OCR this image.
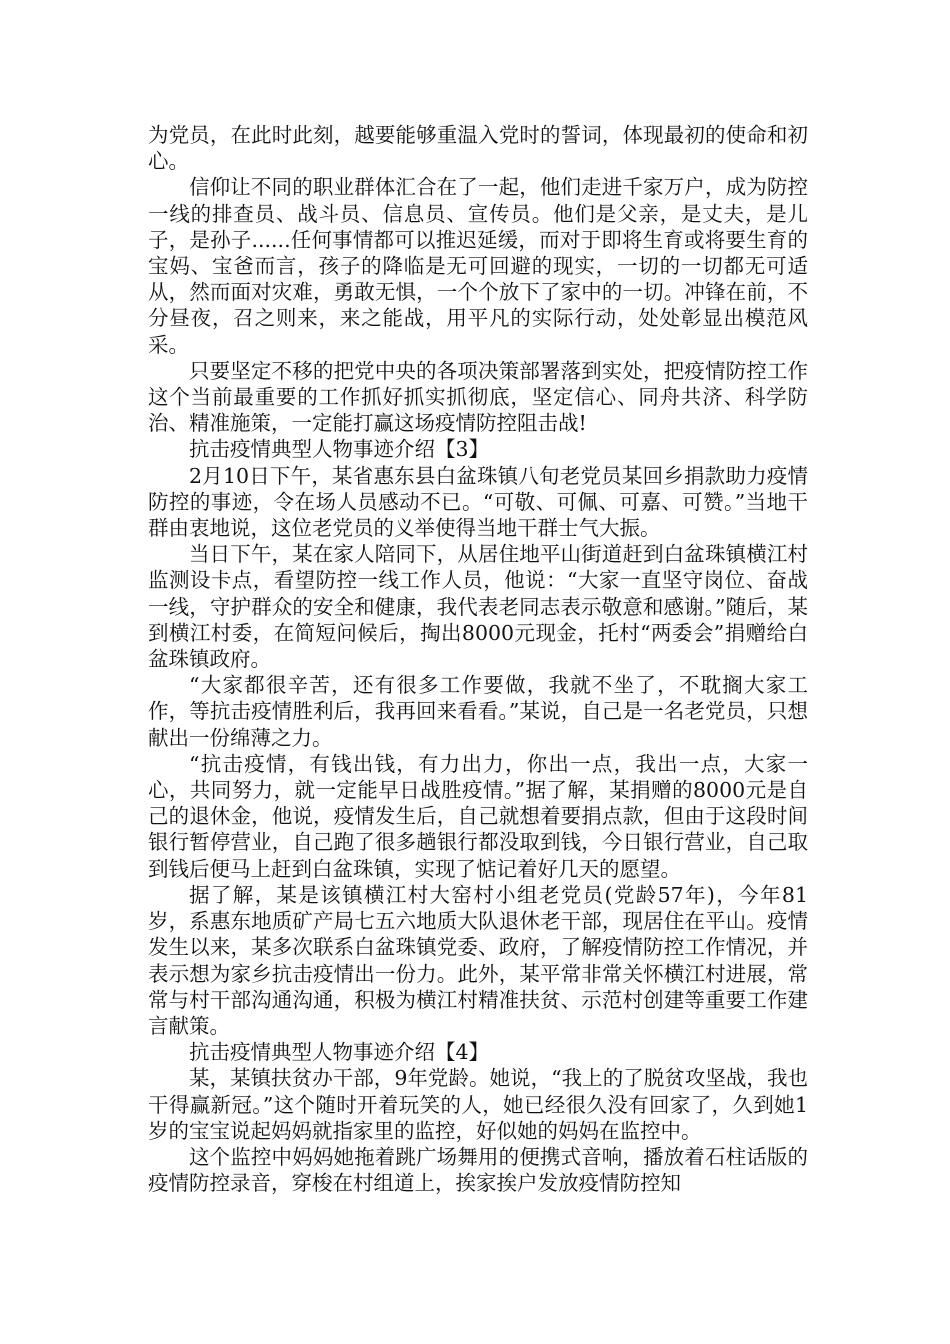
为党员，在此时此刻，越要能够重温入党时的誓词，体现最初的使命和初心。

信仰让不同的职业群体汇合在了一起，他们走进千家万户，成为防控一线的排查员、战斗员、信息员、宣传员。他们是父亲，是丈夫，是儿子，是孙子......任何事情都可以推迟延缓，而对于即将生育或将要生育的宝妈、宝爸而言，孩子的降临是无可回避的现实，一切的一切都无可适从，然而面对灾难，勇敢无惧，一个个放下了家中的一切。冲锋在前，不分昼夜，召之则来，来之能战，用平凡的实际行动，处处彰显出模范风采。

只要坚定不移的把党中央的各项决策部署落到实处，把疫情防控工作这个当前最重要的工作抓好抓实抓彻底，坚定信心、同舟共济、科学防治、精准施策，一定能打赢这场疫情防控阻击战!

抗击疫情典型人物事迹介绍【3】

2月10日下午，某省惠东县白盆珠镇八旬老党员某回乡捐款助力疫情防控的事迹，令在场人员感动不已。“可敬、可佩、可嘉、可赞。”当地干群由衷地说，这位老党员的义举使得当地干群士气大振。

当日下午，某在家人陪同下，从居住地平山街道赶到白盆珠镇横江村监测设卡点，看望防控一线工作人员，他说：“大家一直坚守岗位、奋战一线，守护群众的安全和健康，我代表老同志表示敬意和感谢。”随后，某到横江村委，在简短问候后，掏出8000元现金，托村“两委会”捐赠给白盆珠镇政府。

“大家都很辛苦，还有很多工作要做，我就不坐了，不耽搁大家工作，等抗击疫情胜利后，我再回来看看。”某说，自己是一名老党员，只想献出一份绵薄之力。

“抗击疫情，有钱出钱，有力出力，你出一点，我出一点，大家一心，共同努力，就一定能早日战胜疫情。”据了解，某捐赠的8000元是自己的退休金，他说，疫情发生后，自己就想着要捐点款，但由于这段时间银行暂停营业，自己跑了很多趟银行都没取到钱，今日银行营业，自己取到钱后便马上赶到白盆珠镇，实现了惦记着好几天的愿望。

据了解，某是该镇横江村大窑村小组老党员(党龄57年)，今年81岁，系惠东地质矿产局七五六地质大队退休老干部，现居住在平山。疫情发生以来，某多次联系白盆珠镇党委、政府，了解疫情防控工作情况，并表示想为家乡抗击疫情出一份力。此外，某平常非常关怀横江村进展，常常与村干部沟通沟通，积极为横江村精准扶贫、示范村创建等重要工作建言献策。

抗击疫情典型人物事迹介绍【4】

某，某镇扶贫办干部，9年党龄。她说，“我上的了脱贫攻坚战，我也干得赢新冠。”这个随时开着玩笑的人，她已经很久没有回家了，久到她1岁的宝宝说起妈妈就指家里的监控，好似她的妈妈在监控中。

这个监控中妈妈她拖着跳广场舞用的便携式音响，播放着石柱话版的疫情防控录音，穿梭在村组道上，挨家挨户发放疫情防控知
